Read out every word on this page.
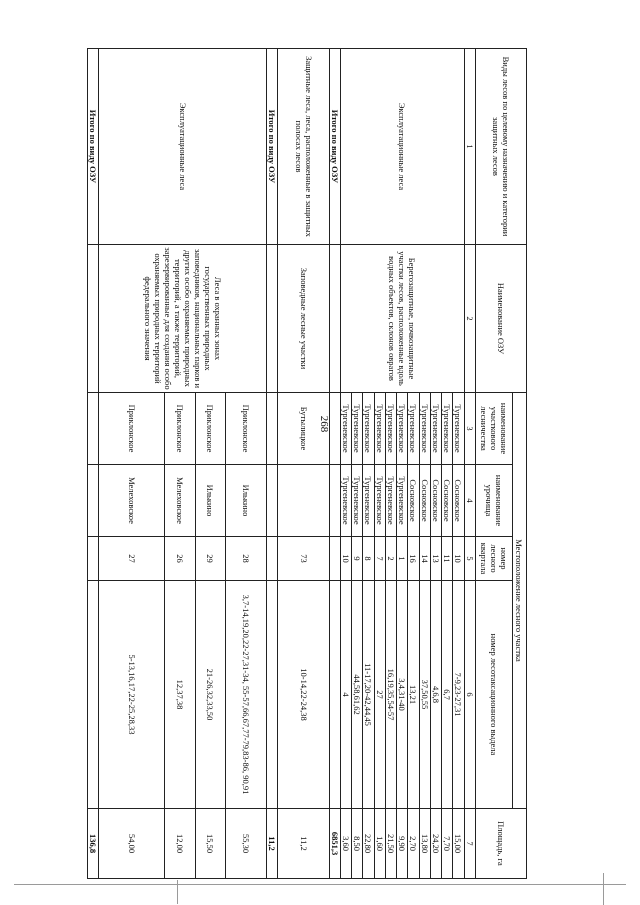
268
Виды лесов по целевому назначению и категории защитных лесов	Наименование ОЗУ	Местоположение лесного участка				Площадь, га
		наименование участкового лесничества	наименование урочища	номер лесного квартала	номер лесотаксационного выдела	
1	2	3	4	5	6	7
Эксплуатационные леса	Берегозащитные, почвозащитные участки лесов, расположенные вдоль водных объектов, склонов оврагов	Тургеневское	Сосновское	10	7-9,23-27,31	15,00
		Тургеневское	Сосновское	11	6,7	7,70
		Тургеневское	Сосновское	13	4,6,8	24,20
		Тургеневское	Сосновское	14	37,50,55	13,80
		Тургеневское	Сосновское	16	13,21	2,70
		Тургеневское	Тургеневское	1	3,4,31-40	9,90
		Тургеневское	Тургеневское	2	16,19,35,54-57	21,50
		Тургеневское	Тургеневское	7	27	1,60
		Тургеневское	Тургеневское	8	11-17,20-42,44,45	22,80
		Тургеневское	Тургеневское	9	44,58,61,62	8,50
		Тургеневское	Тургеневское	10	4	3,60
Итого по виду ОЗУ						6851,3
Защитные леса, леса, расположенные в защитных полосах лесов	Заповедные лесные участки	Бутылицкое		73	10-14,22-24,38	11,2
Итого по виду ОЗУ						11,2
Эксплуатационные леса	Леса в охранных зонах государственных природных заповедников, национальных парков и других особо охраняемых природных территорий, а также территорий, зарезервированные для создания особо охраняемых природных территорий федерального значения	Приклонское	Илькино	28	3,7-14,19,20,22-27,31-34, 55-57,66,67,77-79,83-86, 90,91	55,30
		Приклонское	Илькино	29	21-26,32,33,50	15,50
		Приклонское	Мелеховское	26	12,37,38	12,00
		Приклонское	Мелеховское	27	5-13,16,17,22-25,28,33	54,00
Итого по виду ОЗУ						136,8
